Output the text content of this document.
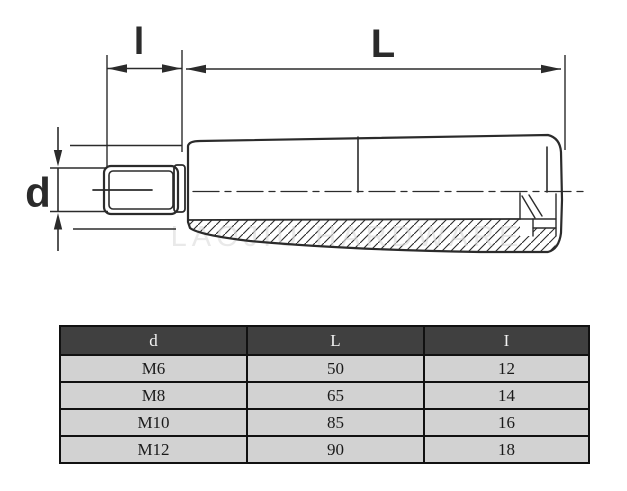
LAOJIU HARDWARE
l	L
d
d	L	I
M6	50	12
M8	65	14
M10	85	16
M12	90	18
